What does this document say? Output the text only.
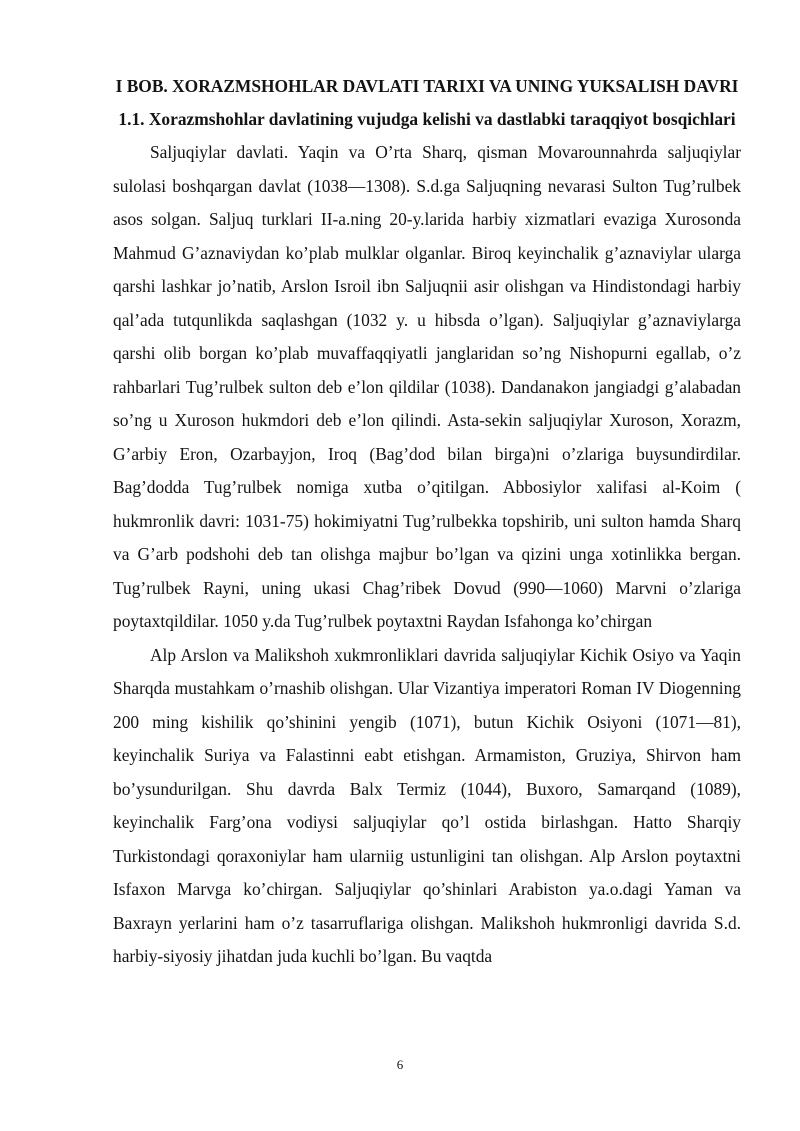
I BOB. XORAZMSHOHLAR DAVLATI TARIXI VA UNING YUKSALISH DAVRI
1.1. Xorazmshohlar davlatining vujudga kelishi va dastlabki taraqqiyot bosqichlari

Saljuqiylar davlati. Yaqin va O’rta Sharq, qisman Movarounnahrda saljuqiylar sulolasi boshqargan davlat (1038—1308). S.d.ga Saljuqning nevarasi Sulton Tug’rulbek asos solgan. Saljuq turklari II-a.ning 20-y.larida harbiy xizmatlari evaziga Xurosonda Mahmud G’aznaviydan ko’plab mulklar olganlar. Biroq keyinchalik g’aznaviylar ularga qarshi lashkar jo’natib, Arslon Isroil ibn Saljuqnii asir olishgan va Hindistondagi harbiy qal’ada tutqunlikda saqlashgan (1032 y. u hibsda o’lgan). Saljuqiylar g’aznaviylarga qarshi olib borgan ko’plab muvaffaqqiyatli janglaridan so’ng Nishopurni egallab, o’z rahbarlari Tug’rulbek sulton deb e’lon qildilar (1038). Dandanakon jangiadgi g’alabadan so’ng u Xuroson hukmdori deb e’lon qilindi. Asta-sekin saljuqiylar Xuroson, Xorazm, G’arbiy Eron, Ozarbayjon, Iroq (Bag’dod bilan birga)ni o’zlariga buysundirdilar. Bag’dodda Tug’rulbek nomiga xutba o’qitilgan. Abbosiylor xalifasi al-Koim ( hukmronlik davri: 1031-75) hokimiyatni Tug’rulbekka topshirib, uni sulton hamda Sharq va G’arb podshohi deb tan olishga majbur bo’lgan va qizini unga xotinlikka bergan. Tug’rulbek Rayni, uning ukasi Chag’ribek Dovud (990—1060) Marvni o’zlariga poytaxtqildilar. 1050 y.da Tug’rulbek poytaxtni Raydan Isfahonga ko’chirgan

Alp Arslon va Malikshoh xukmronliklari davrida saljuqiylar Kichik Osiyo va Yaqin Sharqda mustahkam o’rnashib olishgan. Ular Vizantiya imperatori Roman IV Diogenning 200 ming kishilik qo’shinini yengib (1071), butun Kichik Osiyoni (1071—81), keyinchalik Suriya va Falastinni eabt etishgan. Armamiston, Gruziya, Shirvon ham bo’ysundurilgan. Shu davrda Balx Termiz (1044), Buxoro, Samarqand (1089), keyinchalik Farg’ona vodiysi saljuqiylar qo’l ostida birlashgan. Hatto Sharqiy Turkistondagi qoraxoniylar ham ularniig ustunligini tan olishgan. Alp Arslon poytaxtni Isfaxon Marvga ko’chirgan. Saljuqiylar qo’shinlari Arabiston ya.o.dagi Yaman va Baxrayn yerlarini ham o’z tasarruflariga olishgan. Malikshoh hukmronligi davrida S.d. harbiy-siyosiy jihatdan juda kuchli bo’lgan. Bu vaqtda

6
